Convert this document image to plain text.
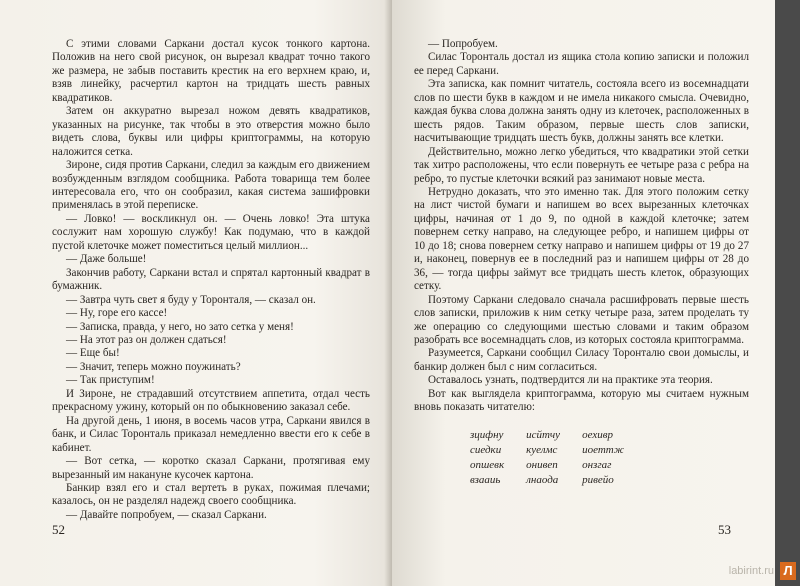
С этими словами Саркани достал кусок тонкого картона. Положив на него свой рисунок, он вырезал квадрат точно такого же размера, не забыв поставить крестик на его верхнем краю, и, взяв линейку, расчертил картон на тридцать шесть равных квадратиков.

Затем он аккуратно вырезал ножом девять квадратиков, указанных на рисунке, так чтобы в это отверстия можно было видеть слова, буквы или цифры криптограммы, на которую наложится сетка.

Зироне, сидя против Саркани, следил за каждым его движением возбужденным взглядом сообщника. Работа товарища тем более интересовала его, что он сообразил, какая система зашифровки применялась в этой переписке.

— Ловко! — воскликнул он. — Очень ловко! Эта штука сослужит нам хорошую службу! Как подумаю, что в каждой пустой клеточке может поместиться целый миллион...

— Даже больше!

Закончив работу, Саркани встал и спрятал картонный квадрат в бумажник.

— Завтра чуть свет я буду у Торонталя, — сказал он.

— Ну, горе его кассе!

— Записка, правда, у него, но зато сетка у меня!

— На этот раз он должен сдаться!

— Еще бы!

— Значит, теперь можно поужинать?

— Так приступим!

И Зироне, не страдавший отсутствием аппетита, отдал честь прекрасному ужину, который он по обыкновению заказал себе.

На другой день, 1 июня, в восемь часов утра, Саркани явился в банк, и Силас Торонталь приказал немедленно ввести его к себе в кабинет.

— Вот сетка, — коротко сказал Саркани, протягивая ему вырезанный им накануне кусочек картона.

Банкир взял его и стал вертеть в руках, пожимая плечами; казалось, он не разделял надежд своего сообщника.

— Давайте попробуем, — сказал Саркани.

52

— Попробуем.

Силас Торонталь достал из ящика стола копию записки и положил ее перед Саркани.

Эта записка, как помнит читатель, состояла всего из восемнадцати слов по шести букв в каждом и не имела никакого смысла. Очевидно, каждая буква слова должна занять одну из клеточек, расположенных в шесть рядов. Таким образом, первые шесть слов записки, насчитывающие тридцать шесть букв, должны занять все клетки.

Действительно, можно легко убедиться, что квадратики этой сетки так хитро расположены, что если повернуть ее четыре раза с ребра на ребро, то пустые клеточки всякий раз занимают новые места.

Нетрудно доказать, что это именно так. Для этого положим сетку на лист чистой бумаги и напишем во всех вырезанных клеточках цифры, начиная от 1 до 9, по одной в каждой клеточке; затем повернем сетку направо, на следующее ребро, и напишем цифры от 10 до 18; снова повернем сетку направо и напишем цифры от 19 до 27 и, наконец, повернув ее в последний раз и напишем цифры от 28 до 36, — тогда цифры займут все тридцать шесть клеток, образующих сетку.

Поэтому Саркани следовало сначала расшифровать первые шесть слов записки, приложив к ним сетку четыре раза, затем проделать ту же операцию со следующими шестью словами и таким образом разобрать все восемнадцать слов, из которых состояла криптограмма.

Разумеется, Саркани сообщил Силасу Торонталю свои домыслы, и банкир должен был с ним согласиться.

Оставалось узнать, подтвердится ли на практике эта теория.

Вот как выглядела криптограмма, которую мы считаем нужным вновь показать читателю:

зцифну исйтчу оехивр
сиедки куелмс иоеттж
опшевк онивеп онзгаг
взааиь	лнаода ривейо
53
labirint.ru Л
